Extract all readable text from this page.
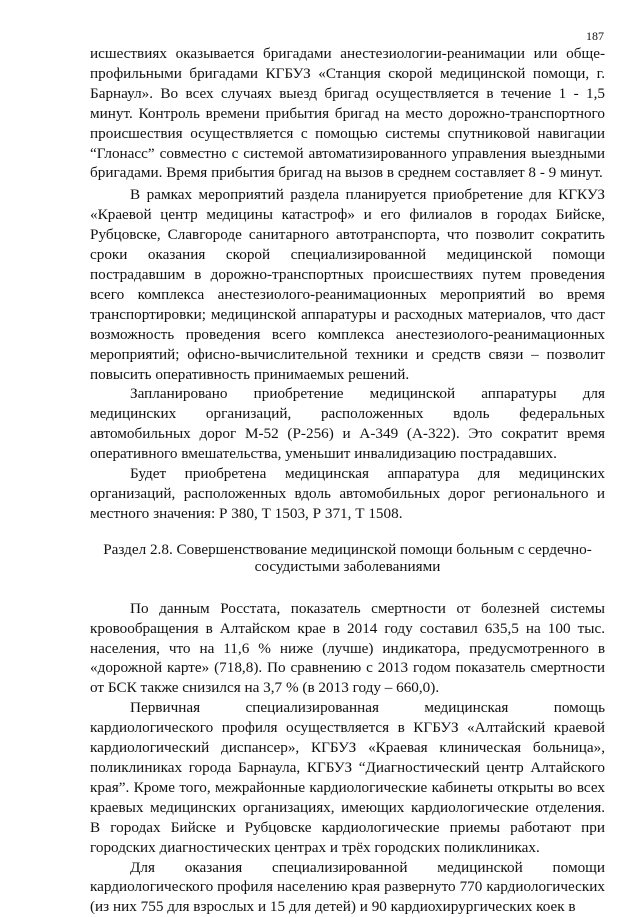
187

исшествиях оказывается бригадами анестезиологии-реанимации или обще-профильными бригадами КГБУЗ «Станция скорой медицинской помощи, г. Барнаул». Во всех случаях выезд бригад осуществляется в течение 1 - 1,5 минут. Контроль времени прибытия бригад на место дорожно-транспортного происшествия осуществляется с помощью системы спутниковой навигации “Глонасс” совместно с системой автоматизированного управления выездными бригадами. Время прибытия бригад на вызов в среднем составляет 8 - 9 минут.

В рамках мероприятий раздела планируется приобретение для КГКУЗ «Краевой центр медицины катастроф» и его филиалов в городах Бийске, Рубцовске, Славгороде санитарного автотранспорта, что позволит сократить сроки оказания скорой специализированной медицинской помощи пострадавшим в дорожно-транспортных происшествиях путем проведения всего комплекса анестезиолого-реанимационных мероприятий во время транспортировки; медицинской аппаратуры и расходных материалов, что даст возможность проведения всего комплекса анестезиолого-реанимационных мероприятий; офисно-вычислительной техники и средств связи – позволит повысить оперативность принимаемых решений.

Запланировано приобретение медицинской аппаратуры для медицинских организаций, расположенных вдоль федеральных автомобильных дорог М-52 (Р-256) и А-349 (А-322). Это сократит время оперативного вмешательства, уменьшит инвалидизацию пострадавших.

Будет приобретена медицинская аппаратура для медицинских организаций, расположенных вдоль автомобильных дорог регионального и местного значения: Р 380, Т 1503, Р 371, Т 1508.

Раздел 2.8. Совершенствование медицинской помощи больным с сердечно-сосудистыми заболеваниями

По данным Росстата, показатель смертности от болезней системы кровообращения в Алтайском крае в 2014 году составил 635,5 на 100 тыс. населения, что на 11,6 % ниже (лучше) индикатора, предусмотренного в «дорожной карте» (718,8). По сравнению с 2013 годом показатель смертности от БСК также снизился на 3,7 % (в 2013 году – 660,0).

Первичная специализированная медицинская помощь кардиологического профиля осуществляется в КГБУЗ «Алтайский краевой кардиологический диспансер», КГБУЗ «Краевая клиническая больница», поликлиниках города Барнаула, КГБУЗ “Диагностический центр Алтайского края”. Кроме того, межрайонные кардиологические кабинеты открыты во всех краевых медицинских организациях, имеющих кардиологические отделения. В городах Бийске и Рубцовске кардиологические приемы работают при городских диагностических центрах и трёх городских поликлиниках.

Для оказания специализированной медицинской помощи кардиологического профиля населению края развернуто 770 кардиологических (из них 755 для взрослых и 15 для детей) и 90 кардиохирургических коек в
